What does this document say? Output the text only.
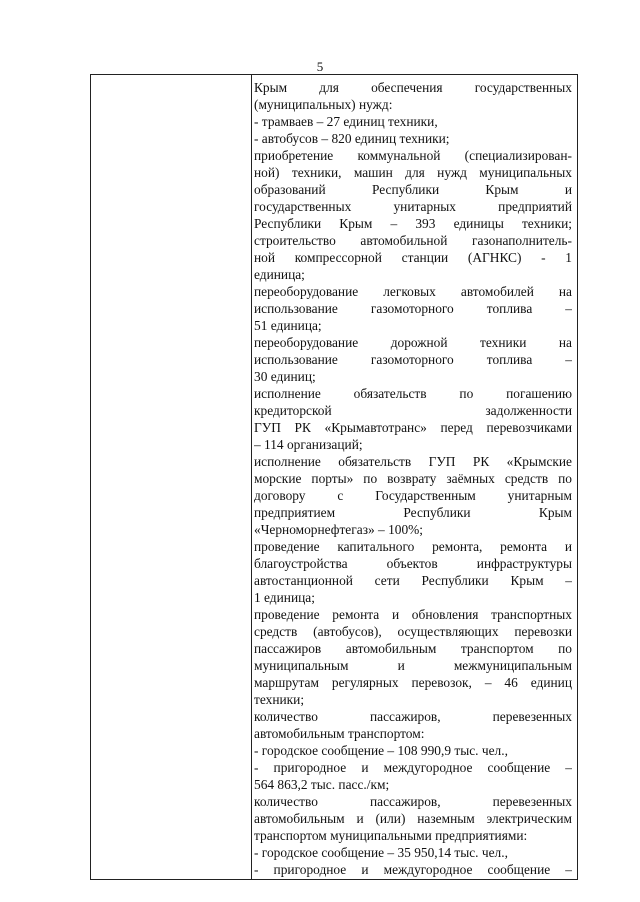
5
Крым для обеспечения государственных
(муниципальных) нужд:
- трамваев – 27 единиц техники,
- автобусов – 820 единиц техники;
приобретение коммунальной (специализирован-
ной) техники, машин для нужд муниципальных
образований Республики Крым и
государственных унитарных предприятий
Республики Крым – 393 единицы техники;
строительство автомобильной газонаполнитель-
ной компрессорной станции (АГНКС) - 1
единица;
переоборудование легковых автомобилей на
использование газомоторного топлива –
51 единица;
переоборудование дорожной техники на
использование газомоторного топлива –
30 единиц;
исполнение обязательств по погашению
кредиторской задолженности
ГУП РК «Крымавтотранс» перед перевозчиками
– 114 организаций;
исполнение обязательств ГУП РК «Крымские
морские порты» по возврату заёмных средств по
договору с Государственным унитарным
предприятием Республики Крым
«Черноморнефтегаз» – 100%;
проведение капитального ремонта, ремонта и
благоустройства объектов инфраструктуры
автостанционной сети Республики Крым –
1 единица;
проведение ремонта и обновления транспортных
средств (автобусов), осуществляющих перевозки
пассажиров автомобильным транспортом по
муниципальным и межмуниципальным
маршрутам регулярных перевозок, – 46 единиц
техники;
количество пассажиров, перевезенных
автомобильным транспортом:
- городское сообщение – 108 990,9 тыс. чел.,
- пригородное и междугородное сообщение –
564 863,2 тыс. пасс./км;
количество пассажиров, перевезенных
автомобильным и (или) наземным электрическим
транспортом муниципальными предприятиями:
- городское сообщение – 35 950,14 тыс. чел.,
- пригородное и междугородное сообщение –
